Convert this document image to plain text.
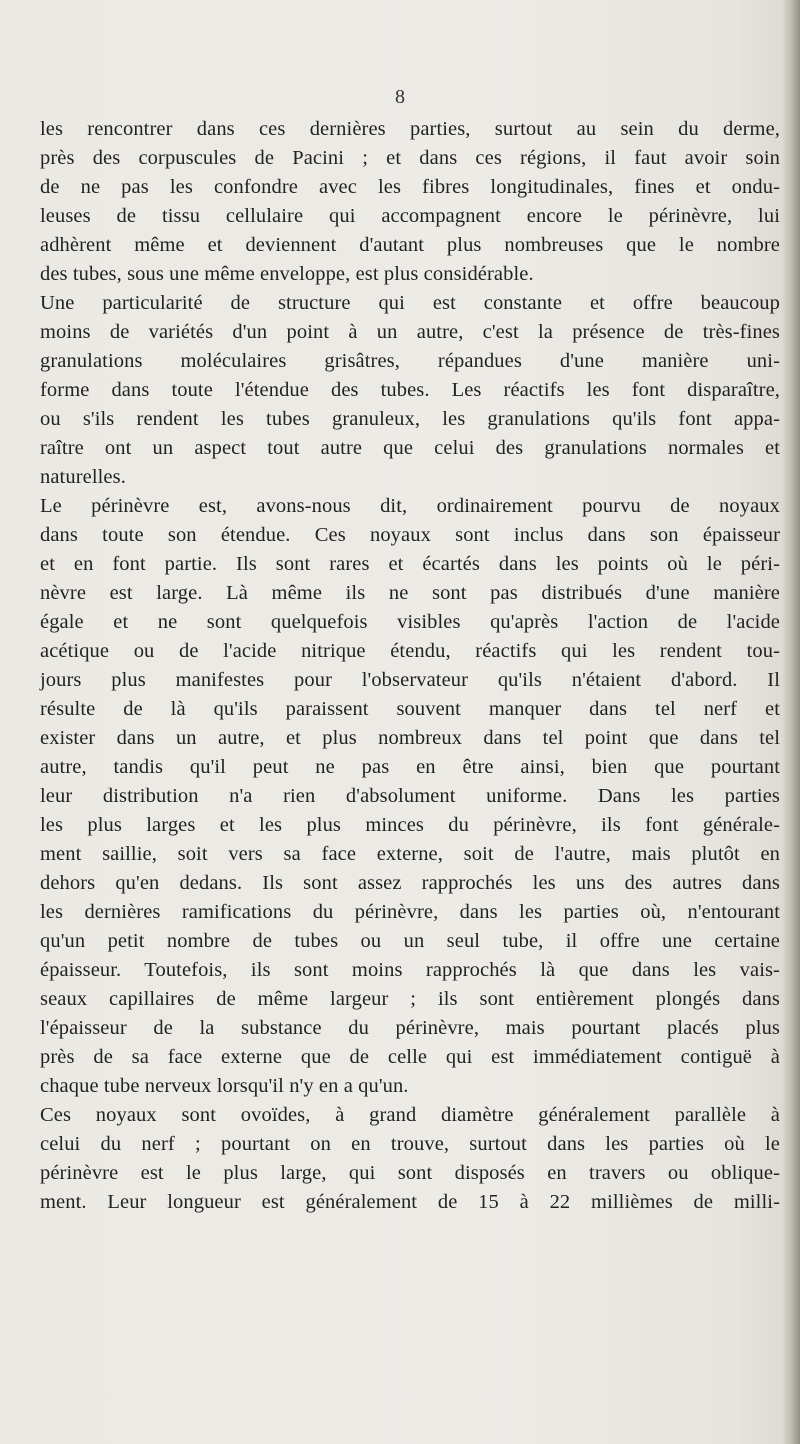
8
les rencontrer dans ces dernières parties, surtout au sein du derme,
près des corpuscules de Pacini ; et dans ces régions, il faut avoir soin
de ne pas les confondre avec les fibres longitudinales, fines et ondu-
leuses de tissu cellulaire qui accompagnent encore le périnèvre, lui
adhèrent même et deviennent d'autant plus nombreuses que le nombre
des tubes, sous une même enveloppe, est plus considérable.
Une particularité de structure qui est constante et offre beaucoup
moins de variétés d'un point à un autre, c'est la présence de très-fines
granulations moléculaires grisâtres, répandues d'une manière uni-
forme dans toute l'étendue des tubes. Les réactifs les font disparaître,
ou s'ils rendent les tubes granuleux, les granulations qu'ils font appa-
raître ont un aspect tout autre que celui des granulations normales et
naturelles.
Le périnèvre est, avons-nous dit, ordinairement pourvu de noyaux
dans toute son étendue. Ces noyaux sont inclus dans son épaisseur
et en font partie. Ils sont rares et écartés dans les points où le péri-
nèvre est large. Là même ils ne sont pas distribués d'une manière
égale et ne sont quelquefois visibles qu'après l'action de l'acide
acétique ou de l'acide nitrique étendu, réactifs qui les rendent tou-
jours plus manifestes pour l'observateur qu'ils n'étaient d'abord. Il
résulte de là qu'ils paraissent souvent manquer dans tel nerf et
exister dans un autre, et plus nombreux dans tel point que dans tel
autre, tandis qu'il peut ne pas en être ainsi, bien que pourtant
leur distribution n'a rien d'absolument uniforme. Dans les parties
les plus larges et les plus minces du périnèvre, ils font générale-
ment saillie, soit vers sa face externe, soit de l'autre, mais plutôt en
dehors qu'en dedans. Ils sont assez rapprochés les uns des autres dans
les dernières ramifications du périnèvre, dans les parties où, n'entourant
qu'un petit nombre de tubes ou un seul tube, il offre une certaine
épaisseur. Toutefois, ils sont moins rapprochés là que dans les vais-
seaux capillaires de même largeur ; ils sont entièrement plongés dans
l'épaisseur de la substance du périnèvre, mais pourtant placés plus
près de sa face externe que de celle qui est immédiatement contiguë à
chaque tube nerveux lorsqu'il n'y en a qu'un.
Ces noyaux sont ovoïdes, à grand diamètre généralement parallèle à
celui du nerf ; pourtant on en trouve, surtout dans les parties où le
périnèvre est le plus large, qui sont disposés en travers ou oblique-
ment. Leur longueur est généralement de 15 à 22 millièmes de milli-
